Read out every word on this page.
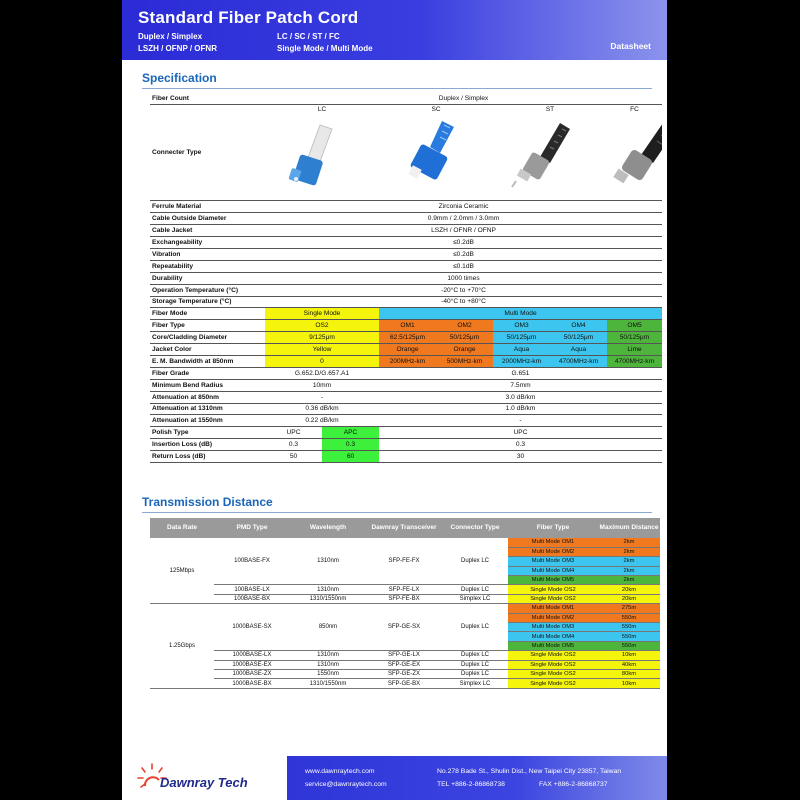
Standard Fiber Patch Cord
Duplex / Simplex	LC / SC / ST / FC
LSZH / OFNP / OFNR	Single Mode / Multi Mode	Datasheet
Specification
Fiber Count	Duplex / Simplex						
Connecter Type	LC		SC		ST		FC

Ferrule Material	Zirconia Ceramic						
Cable Outside Diameter	0.9mm / 2.0mm / 3.0mm						
Cable Jacket	LSZH / OFNR / OFNP						
Exchangeability	≤0.2dB						
Vibration	≤0.2dB						
Repeatability	≤0.1dB						
Durability	1000 times						
Operation Temperature (°C)	-20°C to +70°C						
Storage Temperature (°C)	-40°C to +80°C						
Fiber Mode	Single Mode		Multi Mode				
Fiber Type	OS2		OM1	OM2	OM3	OM4	OM5
Core/Cladding Diameter	9/125μm		62.5/125μm	50/125μm	50/125μm	50/125μm	50/125μm
Jacket Color	Yellow		Orange	Orange	Aqua	Aqua	Lime
E. M. Bandwidth at 850nm	0		200MHz-km	500MHz-km	2000MHz-km	4700MHz-km	4700MHz-km
Fiber Grade	G.652.D/G.657.A1		G.651				
Minimum Bend Radius	10mm		7.5mm				
Attenuation at 850nm	-		3.0 dB/km				
Attenuation at 1310nm	0.36 dB/km		1.0 dB/km				
Attenuation at 1550nm	0.22 dB/km		-				
Polish Type	UPC	APC	UPC				
Insertion Loss (dB)	0.3	0.3	0.3				
Return Loss (dB)	50	60	30				
Transmission Distance
Data Rate	PMD Type	Wavelength	Dawnray Transceiver	Connector Type	Fiber Type	Maximum Distance
125Mbps	100BASE-FX	1310nm	SFP-FE-FX	Duplex LC	Multi Mode OM1	2km
					Multi Mode OM2	2km
					Multi Mode OM3	2km
					Multi Mode OM4	2km
					Multi Mode OM5	2km
	100BASE-LX	1310nm	SFP-FE-LX	Duplex LC	Single Mode OS2	20km
	100BASE-BX	1310/1550nm	SFP-FE-BX	Simplex LC	Single Mode OS2	20km
1.25Gbps	1000BASE-SX	850nm	SFP-GE-SX	Duplex LC	Multi Mode OM1	275m
					Multi Mode OM2	550m
					Multi Mode OM3	550m
					Multi Mode OM4	550m
					Multi Mode OM5	550m
	1000BASE-LX	1310nm	SFP-GE-LX	Duplex LC	Single Mode OS2	10km
	1000BASE-EX	1310nm	SFP-GE-EX	Duplex LC	Single Mode OS2	40km
	1000BASE-ZX	1550nm	SFP-GE-ZX	Duplex LC	Single Mode OS2	80km
	1000BASE-BX	1310/1550nm	SFP-GE-BX	Simplex LC	Single Mode OS2	10km
Dawnray Tech
www.dawnraytech.com
service@dawnraytech.com
No.278 Bade St., Shulin Dist., New Taipei City 23857, Taiwan
TEL +886-2-86868738	FAX +886-2-86868737
